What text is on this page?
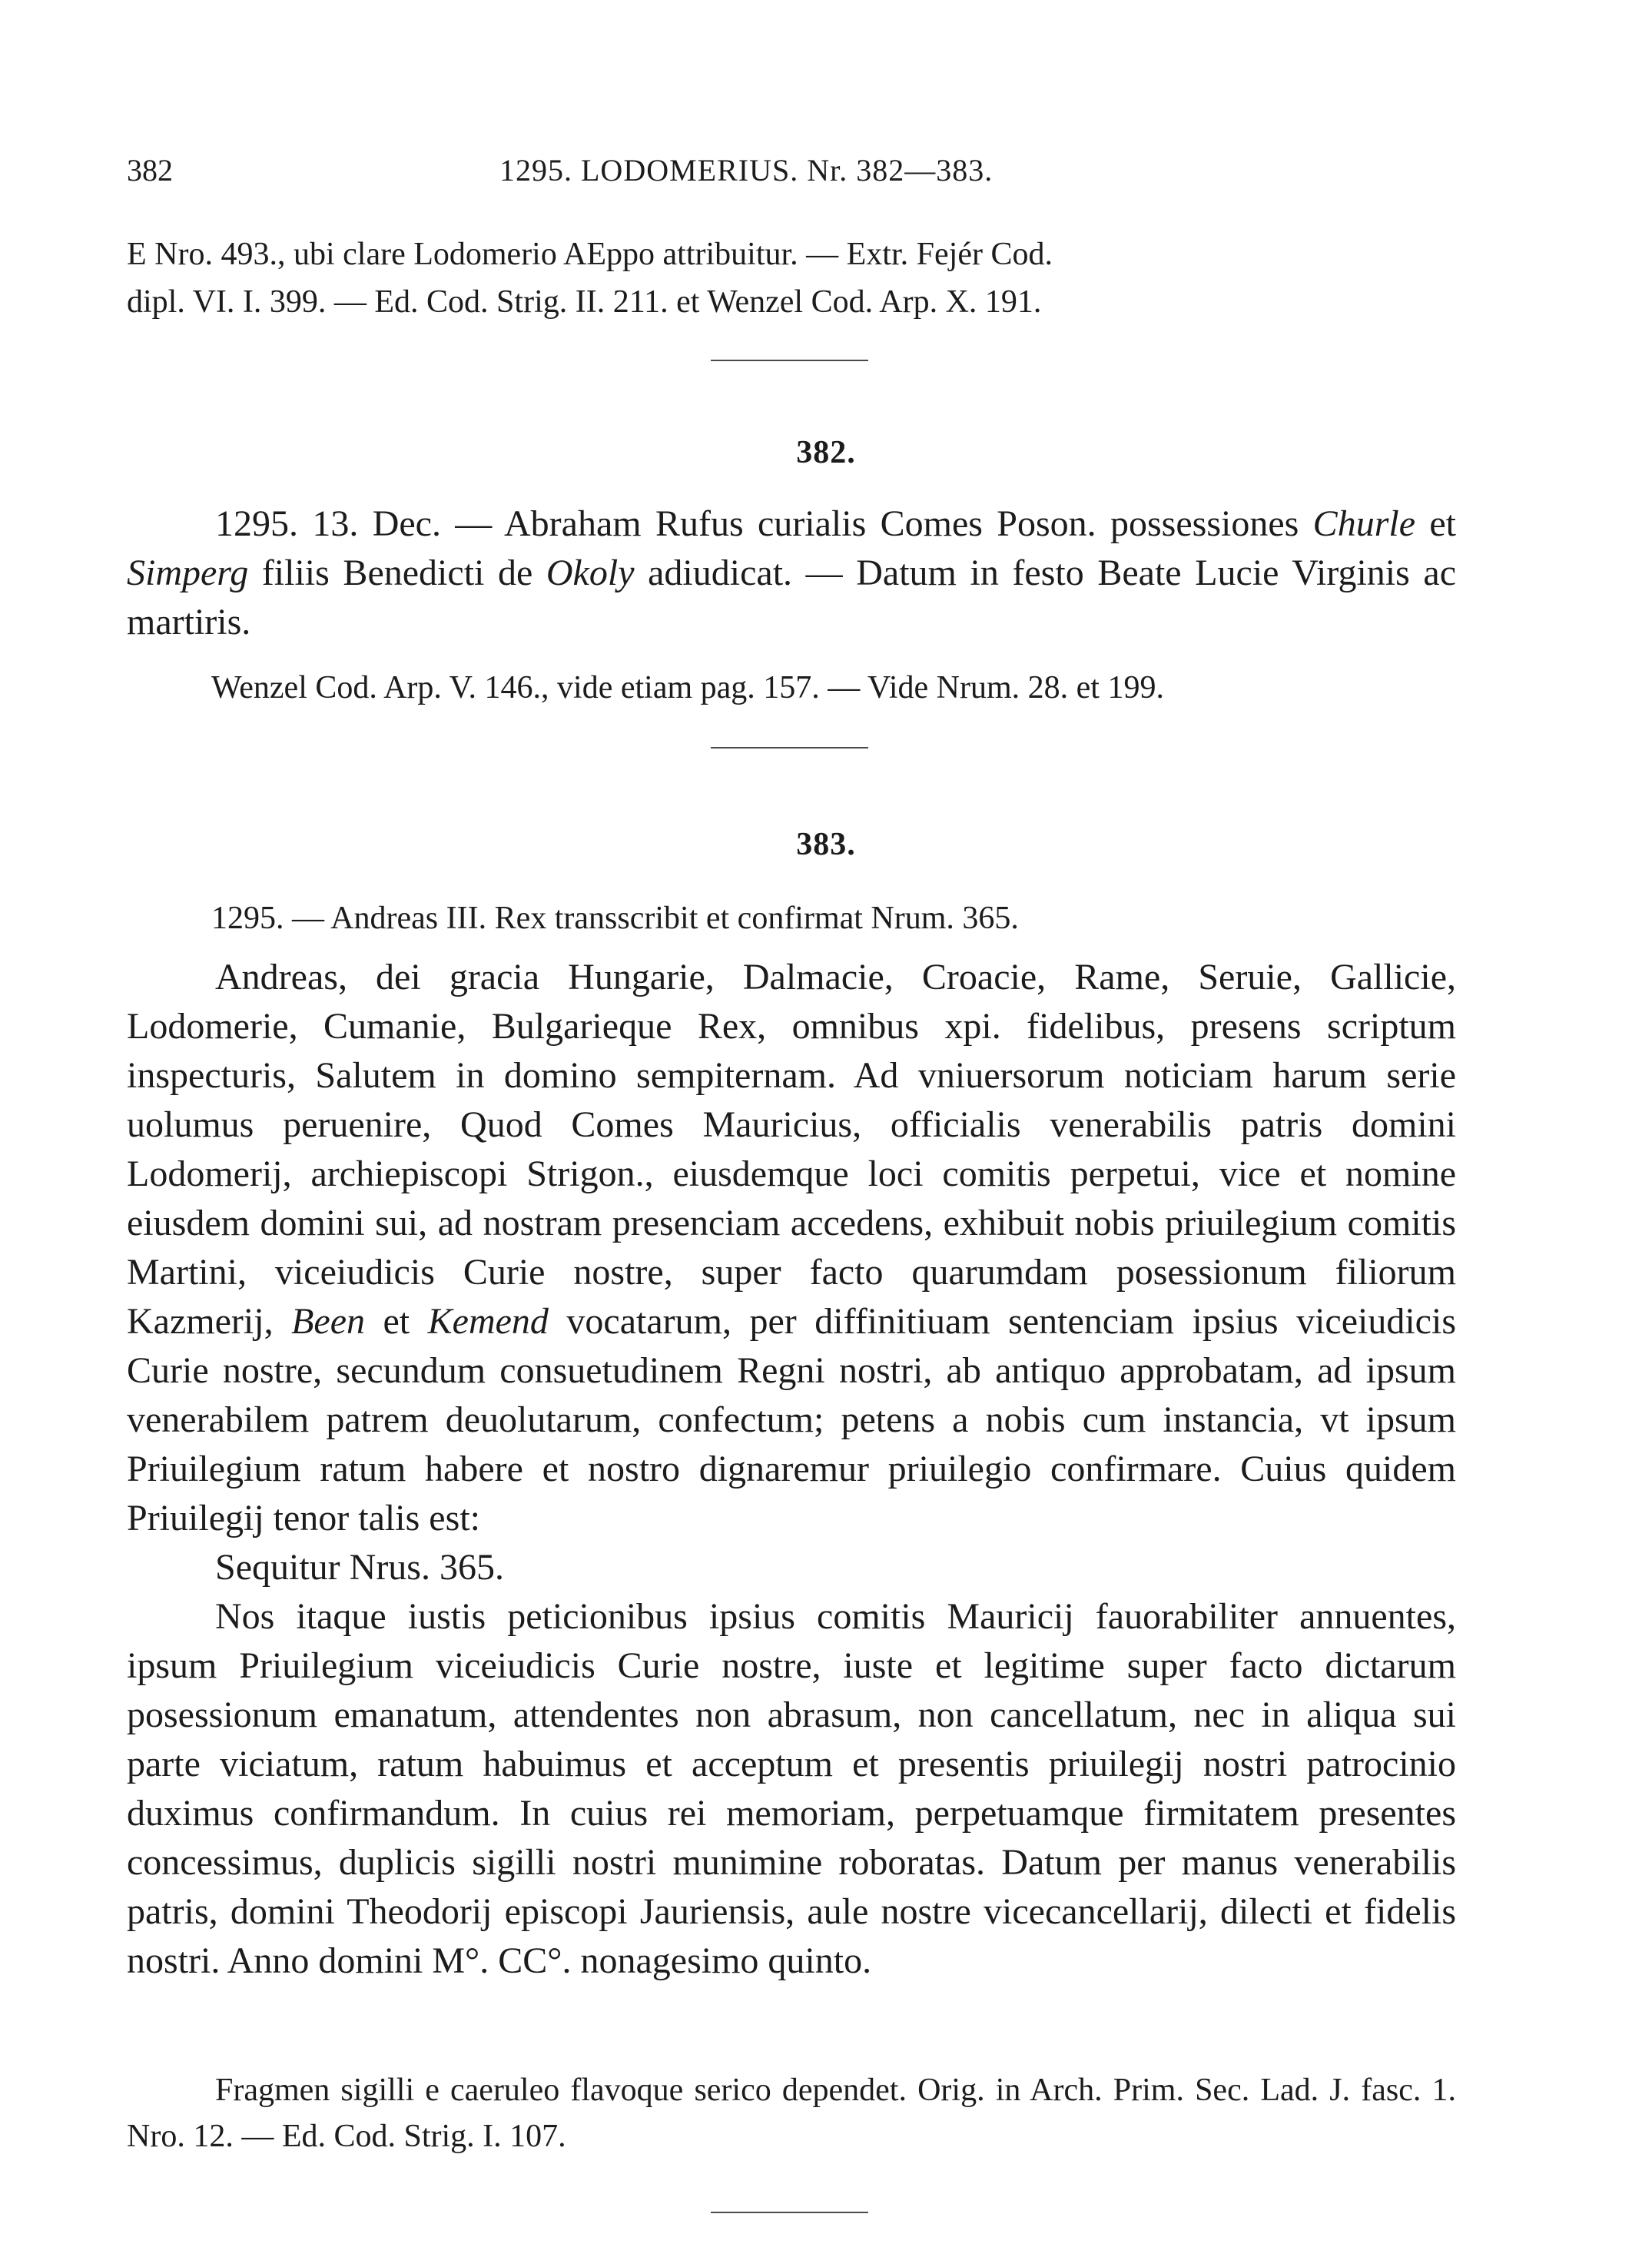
382	1295. LODOMERIUS. Nr. 382—383.

E Nro. 493., ubi clare Lodomerio AEppo attribuitur. — Extr. Fejér Cod.

dipl. VI. I. 399. — Ed. Cod. Strig. II. 211. et Wenzel Cod. Arp. X. 191.

382.

1295. 13. Dec. — Abraham Rufus curialis Comes Poson. possessiones Churle et Simperg filiis Benedicti de Okoly adiudicat. — Datum in festo Beate Lucie Virginis ac martiris.

Wenzel Cod. Arp. V. 146., vide etiam pag. 157. — Vide Nrum. 28. et 199.
383.
1295. — Andreas III. Rex transscribit et confirmat Nrum. 365.

Andreas, dei gracia Hungarie, Dalmacie, Croacie, Rame, Seruie, Gallicie, Lodomerie, Cumanie, Bulgarieque Rex, omnibus xpi. fidelibus, presens scriptum inspecturis, Salutem in domino sempiternam. Ad vniuersorum noticiam harum serie uolumus peruenire, Quod Comes Mauricius, officialis venerabilis patris domini Lodomerij, archiepiscopi Strigon., eiusdemque loci comitis perpetui, vice et nomine eiusdem domini sui, ad nostram presenciam accedens, exhibuit nobis priuilegium comitis Martini, viceiudicis Curie nostre, super facto quarumdam posessionum filiorum Kazmerij, Been et Kemend vocatarum, per diffinitiuam sentenciam ipsius viceiudicis Curie nostre, secundum consuetudinem Regni nostri, ab antiquo approbatam, ad ipsum venerabilem patrem deuolutarum, confectum; petens a nobis cum instancia, vt ipsum Priuilegium ratum habere et nostro dignaremur priuilegio confirmare. Cuius quidem Priuilegij tenor talis est:

Sequitur Nrus. 365.

Nos itaque iustis peticionibus ipsius comitis Mauricij fauorabiliter annuentes, ipsum Priuilegium viceiudicis Curie nostre, iuste et legitime super facto dictarum posessionum emanatum, attendentes non abrasum, non cancellatum, nec in aliqua sui parte viciatum, ratum habuimus et acceptum et presentis priuilegij nostri patrocinio duximus confirmandum. In cuius rei memoriam, perpetuamque firmitatem presentes concessimus, duplicis sigilli nostri munimine roboratas. Datum per manus venerabilis patris, domini Theodorij episcopi Jauriensis, aule nostre vicecancellarij, dilecti et fidelis nostri. Anno domini M°. CC°. nonagesimo quinto.

Fragmen sigilli e caeruleo flavoque serico dependet. Orig. in Arch. Prim. Sec. Lad. J. fasc. 1. Nro. 12. — Ed. Cod. Strig. I. 107.
